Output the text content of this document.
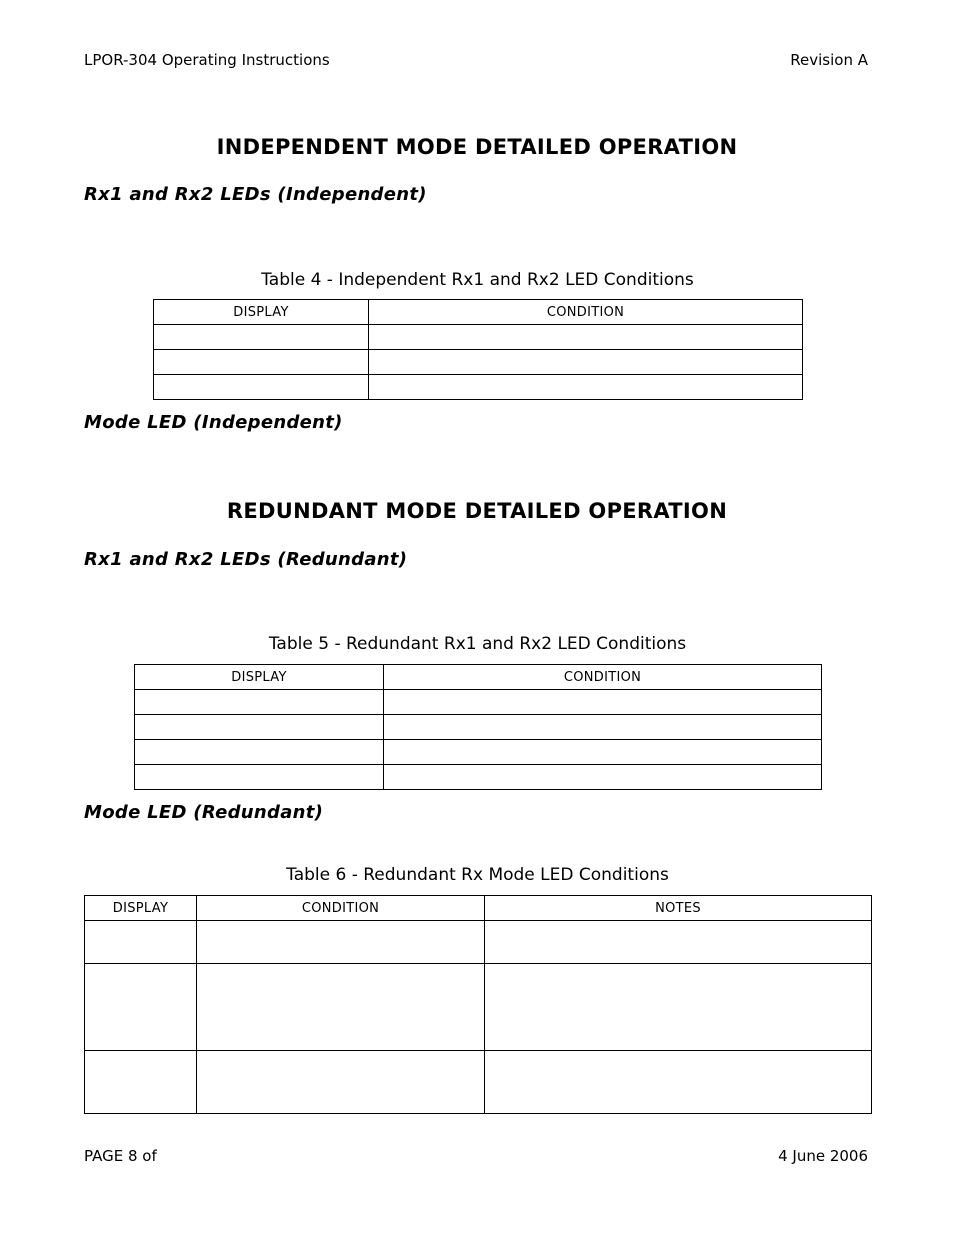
LPOR-304 Operating Instructions	Revision A
INDEPENDENT MODE DETAILED OPERATION
Rx1 and Rx2 LEDs (Independent)
Table 4 - Independent Rx1 and Rx2 LED Conditions
DISPLAY	CONDITION

Mode LED (Independent)
REDUNDANT MODE DETAILED OPERATION
Rx1 and Rx2 LEDs (Redundant)
Table 5 - Redundant Rx1 and Rx2 LED Conditions
DISPLAY	CONDITION

Mode LED (Redundant)
Table 6 - Redundant Rx Mode LED Conditions
DISPLAY	CONDITION	NOTES

PAGE 8 of	4 June 2006
